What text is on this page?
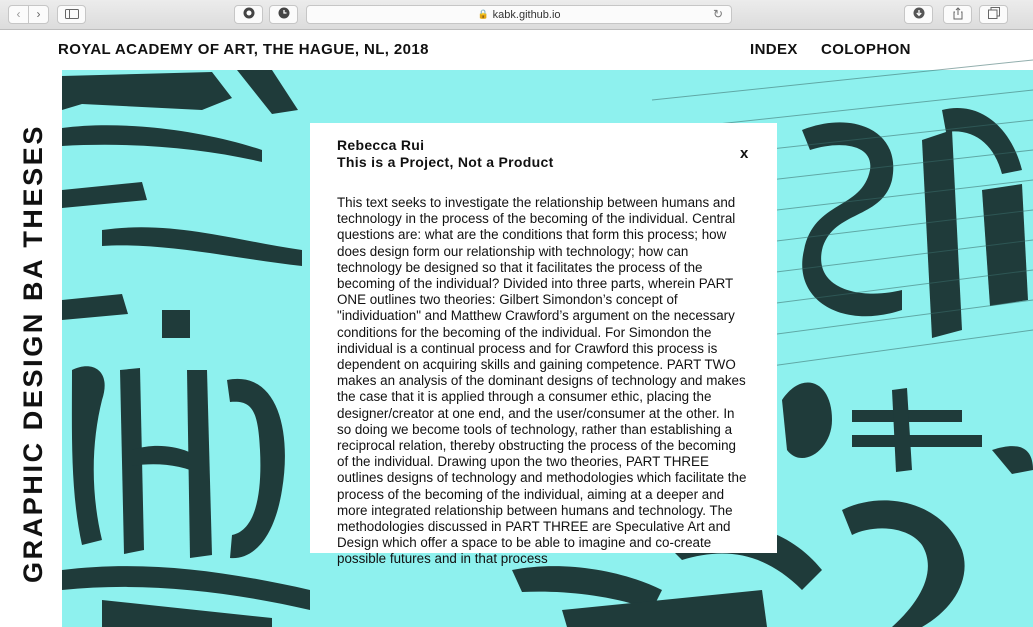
‹	›	🔒 kabk.github.io	↻
ROYAL ACADEMY OF ART, THE HAGUE, NL, 2018	INDEX COLOPHON
GRAPHIC DESIGN BA THESES	Rebecca Rui
This is a Project, Not a Product	x
This text seeks to investigate the relationship between humans and technology in the process of the becoming of the individual. Central questions are: what are the conditions that form this process; how does design form our relationship with technology; how can technology be designed so that it facilitates the process of the becoming of the individual? Divided into three parts, wherein PART ONE outlines two theories: Gilbert Simondon’s concept of "individuation" and Matthew Crawford’s argument on the necessary conditions for the becoming of the individual. For Simondon the individual is a continual process and for Crawford this process is dependent on acquiring skills and gaining competence. PART TWO makes an analysis of the dominant designs of technology and makes the case that it is applied through a consumer ethic, placing the designer/creator at one end, and the user/consumer at the other. In so doing we become tools of technology, rather than establishing a reciprocal relation, thereby obstructing the process of the becoming of the individual. Drawing upon the two theories, PART THREE outlines designs of technology and methodologies which facilitate the process of the becoming of the individual, aiming at a deeper and more integrated relationship between humans and technology. The methodologies discussed in PART THREE are Speculative Art and Design which offer a space to be able to imagine and co-create possible futures and in that process
